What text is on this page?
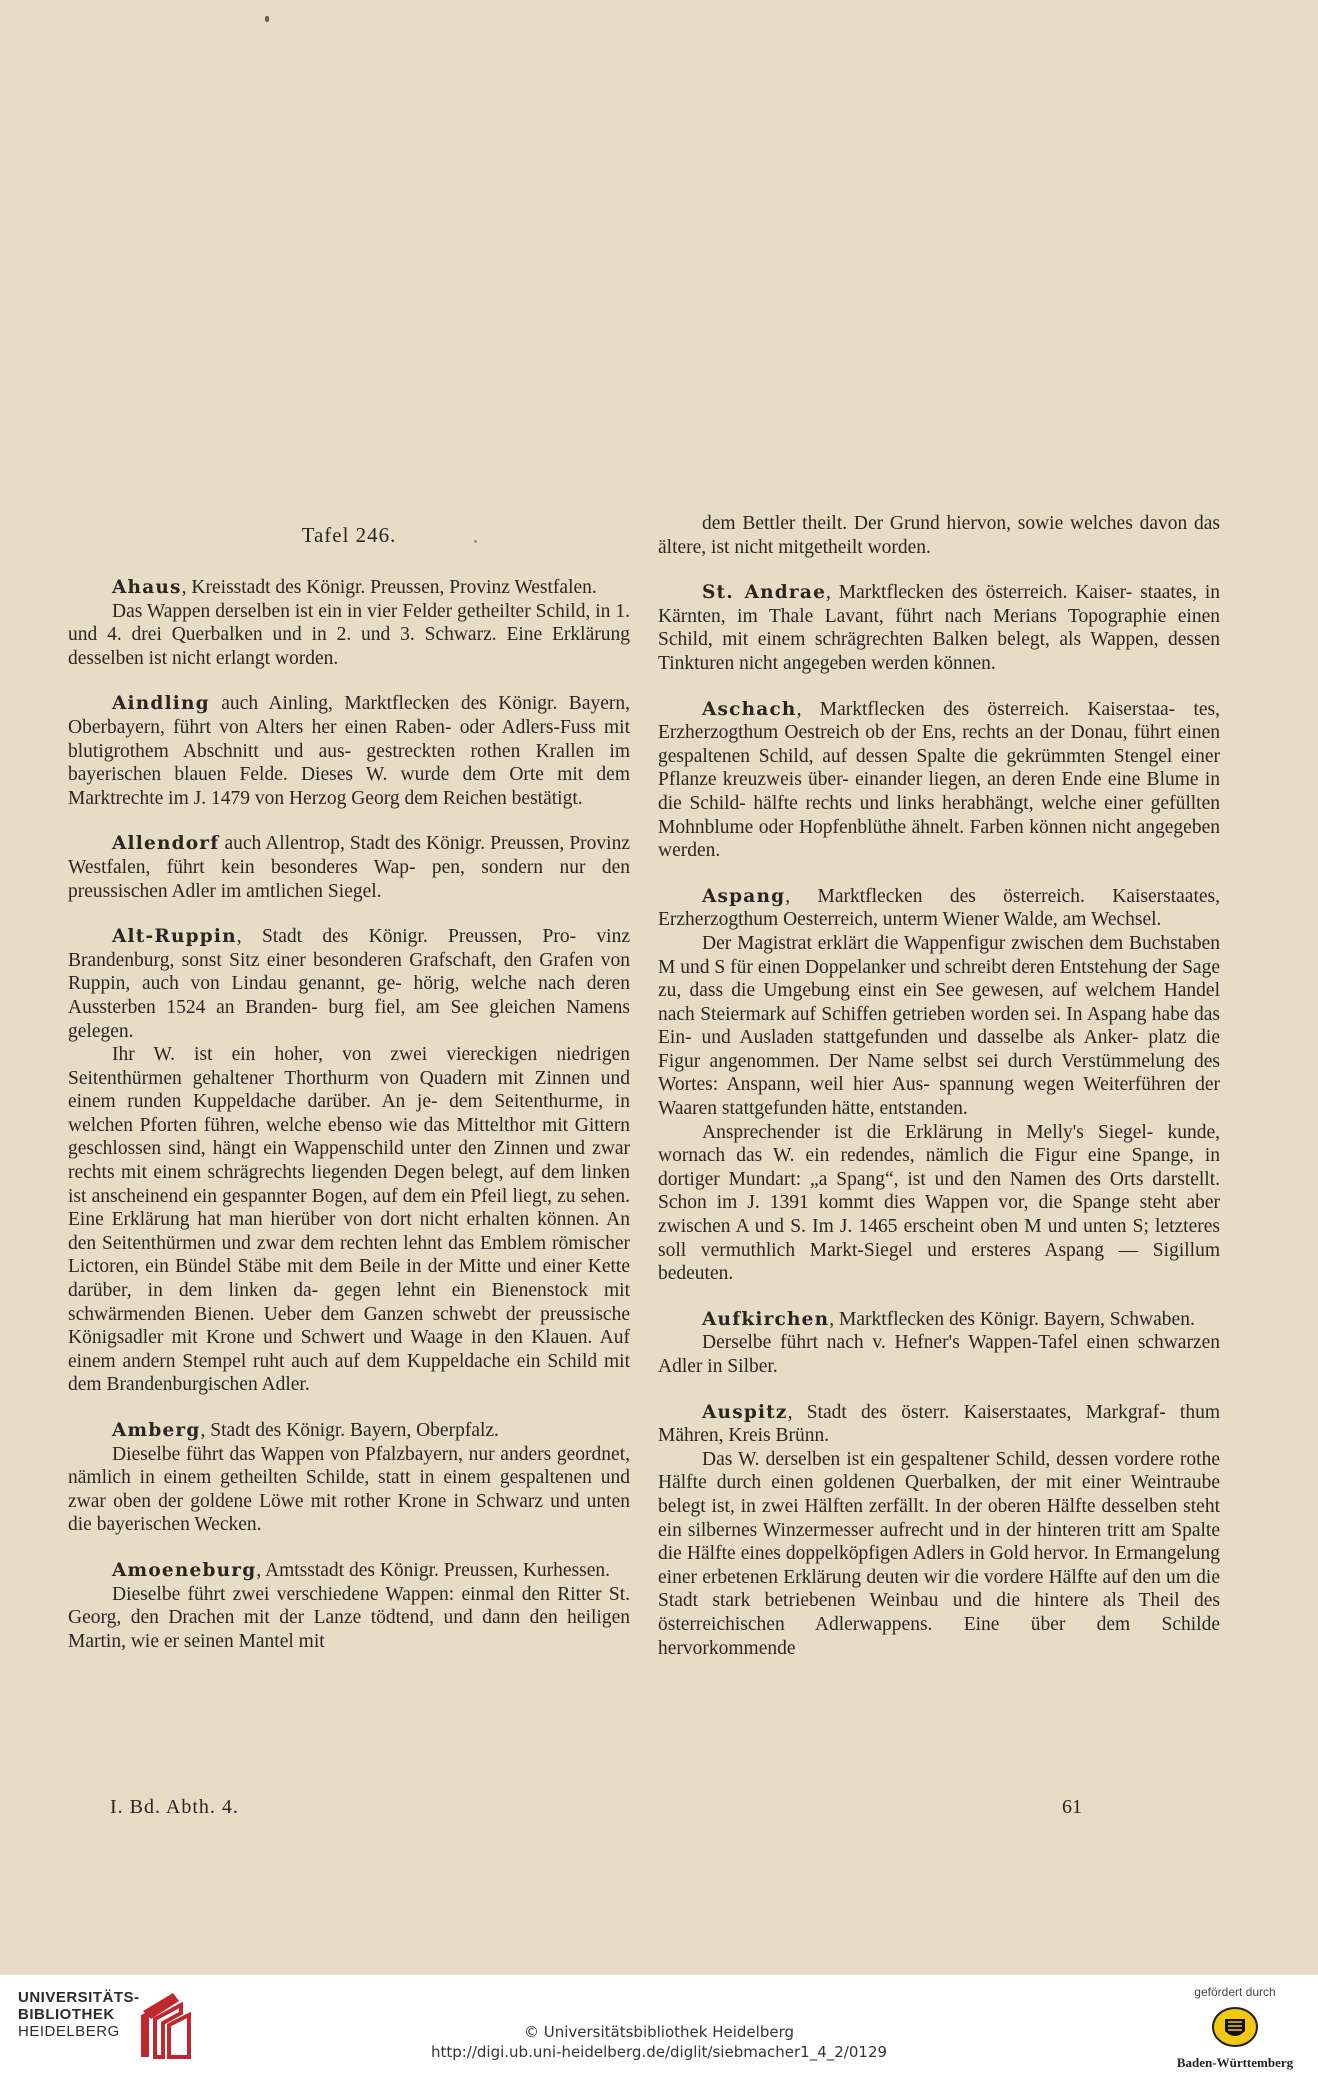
Tafel 246.

Ahaus, Kreisstadt des Königr. Preussen, Provinz Westfalen.

Das Wappen derselben ist ein in vier Felder getheilter Schild, in 1. und 4. drei Querbalken und in 2. und 3. Schwarz. Eine Erklärung desselben ist nicht erlangt worden.

Aindling auch Ainling, Marktflecken des Königr. Bayern, Oberbayern, führt von Alters her einen Raben- oder Adlers-Fuss mit blutigrothem Abschnitt und aus- gestreckten rothen Krallen im bayerischen blauen Felde. Dieses W. wurde dem Orte mit dem Marktrechte im J. 1479 von Herzog Georg dem Reichen bestätigt.

Allendorf auch Allentrop, Stadt des Königr. Preussen, Provinz Westfalen, führt kein besonderes Wap- pen, sondern nur den preussischen Adler im amtlichen Siegel.

Alt-Ruppin, Stadt des Königr. Preussen, Pro- vinz Brandenburg, sonst Sitz einer besonderen Grafschaft, den Grafen von Ruppin, auch von Lindau genannt, ge- hörig, welche nach deren Aussterben 1524 an Branden- burg fiel, am See gleichen Namens gelegen.

Ihr W. ist ein hoher, von zwei viereckigen niedrigen Seitenthürmen gehaltener Thorthurm von Quadern mit Zinnen und einem runden Kuppeldache darüber. An je- dem Seitenthurme, in welchen Pforten führen, welche ebenso wie das Mittelthor mit Gittern geschlossen sind, hängt ein Wappenschild unter den Zinnen und zwar rechts mit einem schrägrechts liegenden Degen belegt, auf dem linken ist anscheinend ein gespannter Bogen, auf dem ein Pfeil liegt, zu sehen. Eine Erklärung hat man hierüber von dort nicht erhalten können. An den Seitenthürmen und zwar dem rechten lehnt das Emblem römischer Lictoren, ein Bündel Stäbe mit dem Beile in der Mitte und einer Kette darüber, in dem linken da- gegen lehnt ein Bienenstock mit schwärmenden Bienen. Ueber dem Ganzen schwebt der preussische Königsadler mit Krone und Schwert und Waage in den Klauen. Auf einem andern Stempel ruht auch auf dem Kuppeldache ein Schild mit dem Brandenburgischen Adler.

Amberg, Stadt des Königr. Bayern, Oberpfalz.

Dieselbe führt das Wappen von Pfalzbayern, nur anders geordnet, nämlich in einem getheilten Schilde, statt in einem gespaltenen und zwar oben der goldene Löwe mit rother Krone in Schwarz und unten die bayerischen Wecken.

Amoeneburg, Amtsstadt des Königr. Preussen, Kurhessen.

Dieselbe führt zwei verschiedene Wappen: einmal den Ritter St. Georg, den Drachen mit der Lanze tödtend, und dann den heiligen Martin, wie er seinen Mantel mit

dem Bettler theilt. Der Grund hiervon, sowie welches davon das ältere, ist nicht mitgetheilt worden.

St. Andrae, Marktflecken des österreich. Kaiser- staates, in Kärnten, im Thale Lavant, führt nach Merians Topographie einen Schild, mit einem schrägrechten Balken belegt, als Wappen, dessen Tinkturen nicht angegeben werden können.

Aschach, Marktflecken des österreich. Kaiserstaa- tes, Erzherzogthum Oestreich ob der Ens, rechts an der Donau, führt einen gespaltenen Schild, auf dessen Spalte die gekrümmten Stengel einer Pflanze kreuzweis über- einander liegen, an deren Ende eine Blume in die Schild- hälfte rechts und links herabhängt, welche einer gefüllten Mohnblume oder Hopfenblüthe ähnelt. Farben können nicht angegeben werden.

Aspang, Marktflecken des österreich. Kaiserstaates, Erzherzogthum Oesterreich, unterm Wiener Walde, am Wechsel.

Der Magistrat erklärt die Wappenfigur zwischen dem Buchstaben M und S für einen Doppelanker und schreibt deren Entstehung der Sage zu, dass die Umgebung einst ein See gewesen, auf welchem Handel nach Steiermark auf Schiffen getrieben worden sei. In Aspang habe das Ein- und Ausladen stattgefunden und dasselbe als Anker- platz die Figur angenommen. Der Name selbst sei durch Verstümmelung des Wortes: Anspann, weil hier Aus- spannung wegen Weiterführen der Waaren stattgefunden hätte, entstanden.

Ansprechender ist die Erklärung in Melly's Siegel- kunde, wornach das W. ein redendes, nämlich die Figur eine Spange, in dortiger Mundart: „a Spang“, ist und den Namen des Orts darstellt. Schon im J. 1391 kommt dies Wappen vor, die Spange steht aber zwischen A und S. Im J. 1465 erscheint oben M und unten S; letzteres soll vermuthlich Markt-Siegel und ersteres Aspang — Sigillum bedeuten.

Aufkirchen, Marktflecken des Königr. Bayern, Schwaben.

Derselbe führt nach v. Hefner's Wappen-Tafel einen schwarzen Adler in Silber.

Auspitz, Stadt des österr. Kaiserstaates, Markgraf- thum Mähren, Kreis Brünn.

Das W. derselben ist ein gespaltener Schild, dessen vordere rothe Hälfte durch einen goldenen Querbalken, der mit einer Weintraube belegt ist, in zwei Hälften zerfällt. In der oberen Hälfte desselben steht ein silbernes Winzermesser aufrecht und in der hinteren tritt am Spalte die Hälfte eines doppelköpfigen Adlers in Gold hervor. In Ermangelung einer erbetenen Erklärung deuten wir die vordere Hälfte auf den um die Stadt stark betriebenen Weinbau und die hintere als Theil des österreichischen Adlerwappens. Eine über dem Schilde hervorkommende

I. Bd. Abth. 4.	61
UNIVERSITÄTS-
BIBLIOTHEK
HEIDELBERG	© Universitätsbibliothek Heidelberg
http://digi.ub.uni-heidelberg.de/diglit/siebmacher1_4_2/0129
gefördert durch
Baden-Württemberg
